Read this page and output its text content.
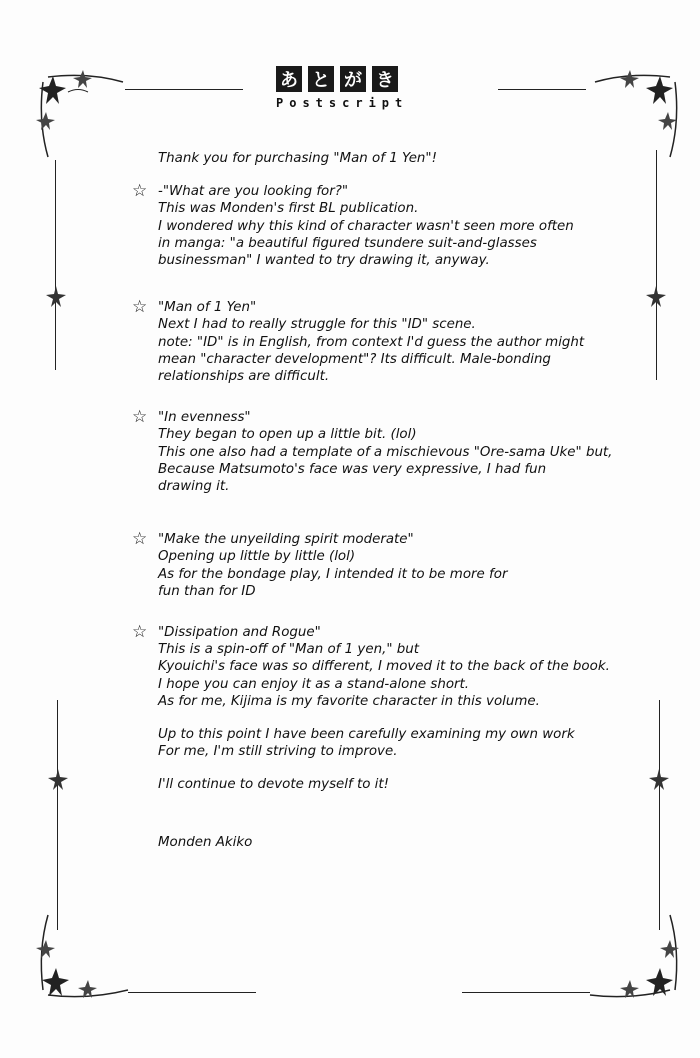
あ と が き
Postscript
Thank you for purchasing "Man of 1 Yen"!
☆ -"What are you looking for?"
This was Monden's first BL publication.
I wondered why this kind of character wasn't seen more often
in manga: "a beautiful figured tsundere suit-and-glasses
businessman" I wanted to try drawing it, anyway.
☆ "Man of 1 Yen"
Next I had to really struggle for this "ID" scene.
note: "ID" is in English, from context I'd guess the author might
mean "character development"? Its difficult. Male-bonding
relationships are difficult.
☆ "In evenness"
They began to open up a little bit. (lol)
This one also had a template of a mischievous "Ore-sama Uke" but,
Because Matsumoto's face was very expressive, I had fun
drawing it.
☆ "Make the unyeilding spirit moderate"
Opening up little by little (lol)
As for the bondage play, I intended it to be more for
fun than for ID
☆ "Dissipation and Rogue"
This is a spin-off of "Man of 1 yen," but
Kyouichi's face was so different, I moved it to the back of the book.
I hope you can enjoy it as a stand-alone short.
As for me, Kijima is my favorite character in this volume.

Up to this point I have been carefully examining my own work
For me, I'm still striving to improve.

I'll continue to devote myself to it!

Monden Akiko
